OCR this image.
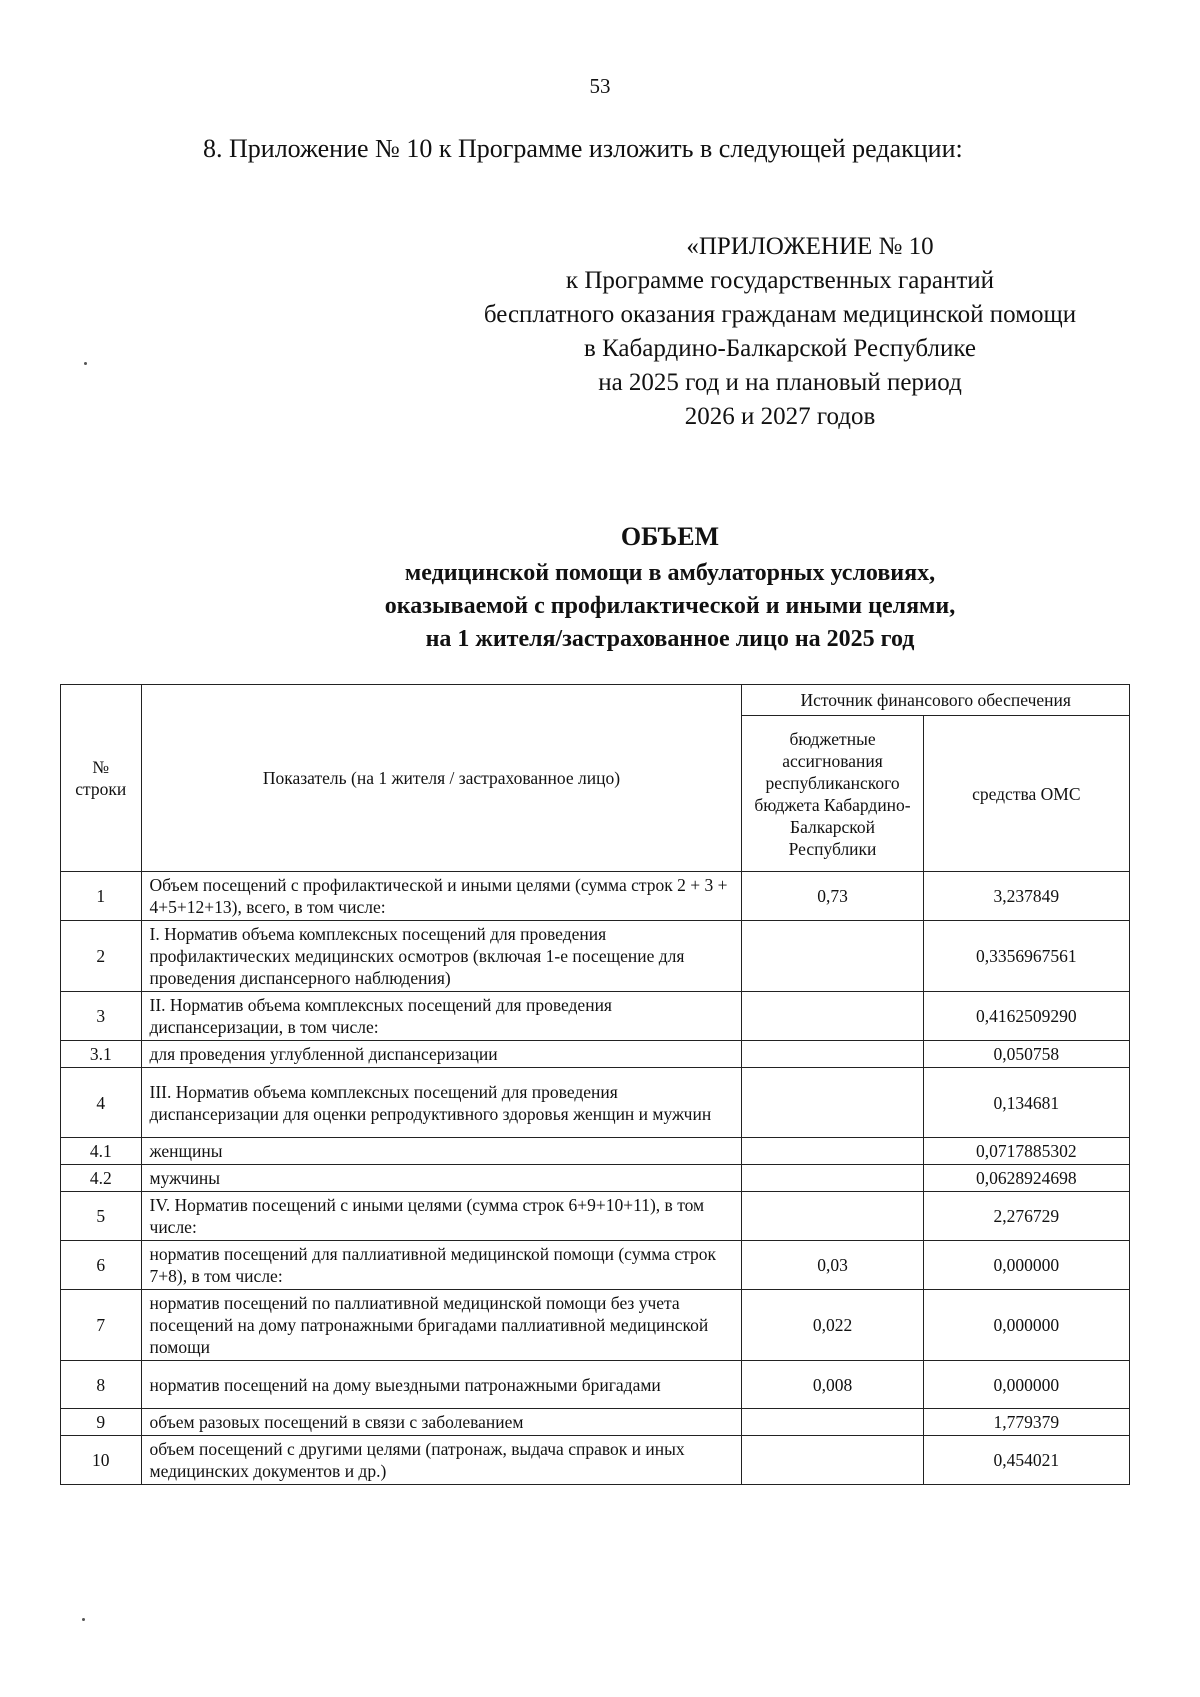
53
8. Приложение № 10 к Программе изложить в следующей редакции:
«ПРИЛОЖЕНИЕ № 10
к Программе государственных гарантий
бесплатного оказания гражданам медицинской помощи
в Кабардино-Балкарской Республике
на 2025 год и на плановый период
2026 и 2027 годов
ОБЪЕМ
медицинской помощи в амбулаторных условиях,
оказываемой с профилактической и иными целями,
на 1 жителя/застрахованное лицо на 2025 год
№ строки	Показатель (на 1 жителя / застрахованное лицо)	Источник финансового обеспечения	
		бюджетные ассигнования республиканского бюджета Кабардино-Балкарской Республики	средства ОМС
1	Объем посещений с профилактической и иными целями (сумма строк 2 + 3 + 4+5+12+13), всего, в том числе:	0,73	3,237849
2	I. Норматив объема комплексных посещений для проведения профилактических медицинских осмотров (включая 1-е посещение для проведения диспансерного наблюдения)		0,3356967561
3	II. Норматив объема комплексных посещений для проведения диспансеризации, в том числе:		0,4162509290
3.1	для проведения углубленной диспансеризации		0,050758
4	III. Норматив объема комплексных посещений для проведения диспансеризации для оценки репродуктивного здоровья женщин и мужчин		0,134681
4.1	женщины		0,0717885302
4.2	мужчины		0,0628924698
5	IV. Норматив посещений с иными целями (сумма строк 6+9+10+11), в том числе:		2,276729
6	норматив посещений для паллиативной медицинской помощи (сумма строк 7+8), в том числе:	0,03	0,000000
7	норматив посещений по паллиативной медицинской помощи без учета посещений на дому патронажными бригадами паллиативной медицинской помощи	0,022	0,000000
8	норматив посещений на дому выездными патронажными бригадами	0,008	0,000000
9	объем разовых посещений в связи с заболеванием		1,779379
10	объем посещений с другими целями (патронаж, выдача справок и иных медицинских документов и др.)		0,454021
